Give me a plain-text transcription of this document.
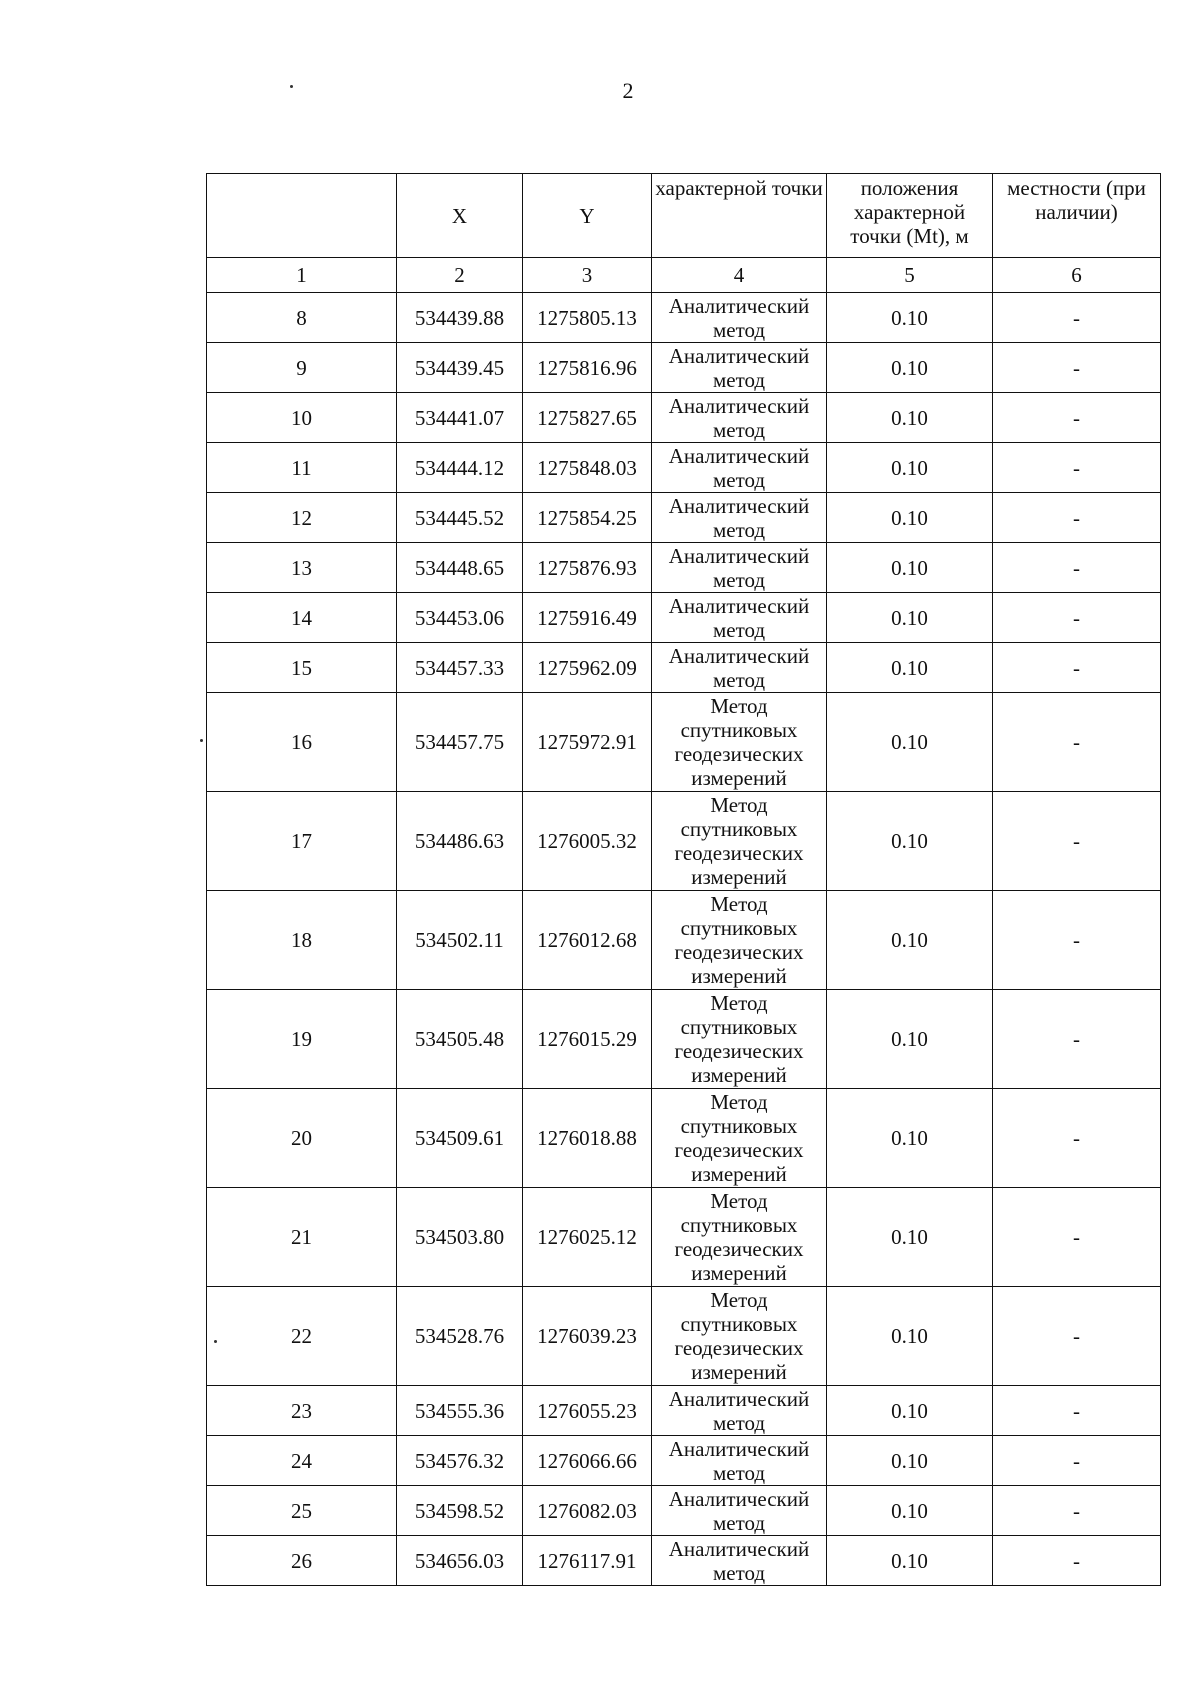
2
	X	Y	характерной точки	положения характерной точки (Mt), м	местности (при наличии)
1	2	3	4	5	6
8	534439.88	1275805.13	Аналитический метод	0.10	-
9	534439.45	1275816.96	Аналитический метод	0.10	-
10	534441.07	1275827.65	Аналитический метод	0.10	-
11	534444.12	1275848.03	Аналитический метод	0.10	-
12	534445.52	1275854.25	Аналитический метод	0.10	-
13	534448.65	1275876.93	Аналитический метод	0.10	-
14	534453.06	1275916.49	Аналитический метод	0.10	-
15	534457.33	1275962.09	Аналитический метод	0.10	-
16	534457.75	1275972.91	Метод спутниковых геодезических измерений	0.10	-
17	534486.63	1276005.32	Метод спутниковых геодезических измерений	0.10	-
18	534502.11	1276012.68	Метод спутниковых геодезических измерений	0.10	-
19	534505.48	1276015.29	Метод спутниковых геодезических измерений	0.10	-
20	534509.61	1276018.88	Метод спутниковых геодезических измерений	0.10	-
21	534503.80	1276025.12	Метод спутниковых геодезических измерений	0.10	-
22	534528.76	1276039.23	Метод спутниковых геодезических измерений	0.10	-
23	534555.36	1276055.23	Аналитический метод	0.10	-
24	534576.32	1276066.66	Аналитический метод	0.10	-
25	534598.52	1276082.03	Аналитический метод	0.10	-
26	534656.03	1276117.91	Аналитический метод	0.10	-
